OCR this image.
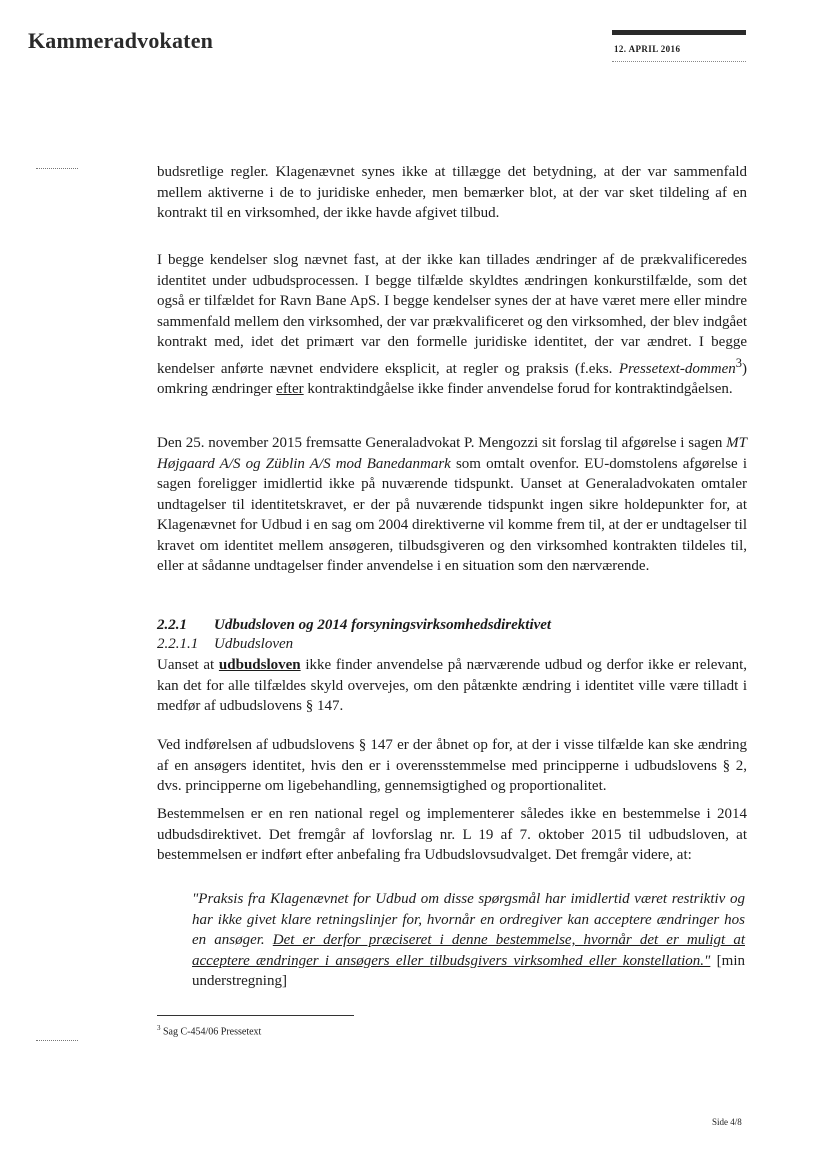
Kammeradvokaten	12. APRIL 2016

budsretlige regler. Klagenævnet synes ikke at tillægge det betydning, at der var sammenfald mellem aktiverne i de to juridiske enheder, men bemærker blot, at der var sket tildeling af en kontrakt til en virksomhed, der ikke havde afgivet tilbud.

I begge kendelser slog nævnet fast, at der ikke kan tillades ændringer af de prækvalificeredes identitet under udbudsprocessen. I begge tilfælde skyldtes ændringen konkurstilfælde, som det også er tilfældet for Ravn Bane ApS. I begge kendelser synes der at have været mere eller mindre sammenfald mellem den virksomhed, der var prækvalificeret og den virksomhed, der blev indgået kontrakt med, idet det primært var den formelle juridiske identitet, der var ændret. I begge kendelser anførte nævnet endvidere eksplicit, at regler og praksis (f.eks. Pressetext-dommen$^3$) omkring ændringer efter kontraktindgåelse ikke finder anvendelse forud for kontraktindgåelsen.

Den 25. november 2015 fremsatte Generaladvokat P. Mengozzi sit forslag til afgørelse i sagen MT Højgaard A/S og Züblin A/S mod Banedanmark som omtalt ovenfor. EU-domstolens afgørelse i sagen foreligger imidlertid ikke på nuværende tidspunkt. Uanset at Generaladvokaten omtaler undtagelser til identitetskravet, er der på nuværende tidspunkt ingen sikre holdepunkter for, at Klagenævnet for Udbud i en sag om 2004 direktiverne vil komme frem til, at der er undtagelser til kravet om identitet mellem ansøgeren, tilbudsgiveren og den virksomhed kontrakten tildeles til, eller at sådanne undtagelser finder anvendelse i en situation som den nærværende.

2.2.1 Udbudsloven og 2014 forsyningsvirksomhedsdirektivet
2.2.1.1 Udbudsloven

Uanset at udbudsloven ikke finder anvendelse på nærværende udbud og derfor ikke er relevant, kan det for alle tilfældes skyld overvejes, om den påtænkte ændring i identitet ville være tilladt i medfør af udbudslovens § 147.

Ved indførelsen af udbudslovens § 147 er der åbnet op for, at der i visse tilfælde kan ske ændring af en ansøgers identitet, hvis den er i overensstemmelse med principperne i udbudslovens § 2, dvs. principperne om ligebehandling, gennemsigtighed og proportionalitet.

Bestemmelsen er en ren national regel og implementerer således ikke en bestemmelse i 2014 udbudsdirektivet. Det fremgår af lovforslag nr. L 19 af 7. oktober 2015 til udbudsloven, at bestemmelsen er indført efter anbefaling fra Udbudslovsudvalget. Det fremgår videre, at:

"Praksis fra Klagenævnet for Udbud om disse spørgsmål har imidlertid været restriktiv og har ikke givet klare retningslinjer for, hvornår en ordregiver kan acceptere ændringer hos en ansøger. Det er derfor præciseret i denne bestemmelse, hvornår det er muligt at acceptere ændringer i ansøgers eller tilbudsgivers virksomhed eller konstellation." [min understregning]
$^3$ Sag C-454/06 Pressetext
Side 4/8
